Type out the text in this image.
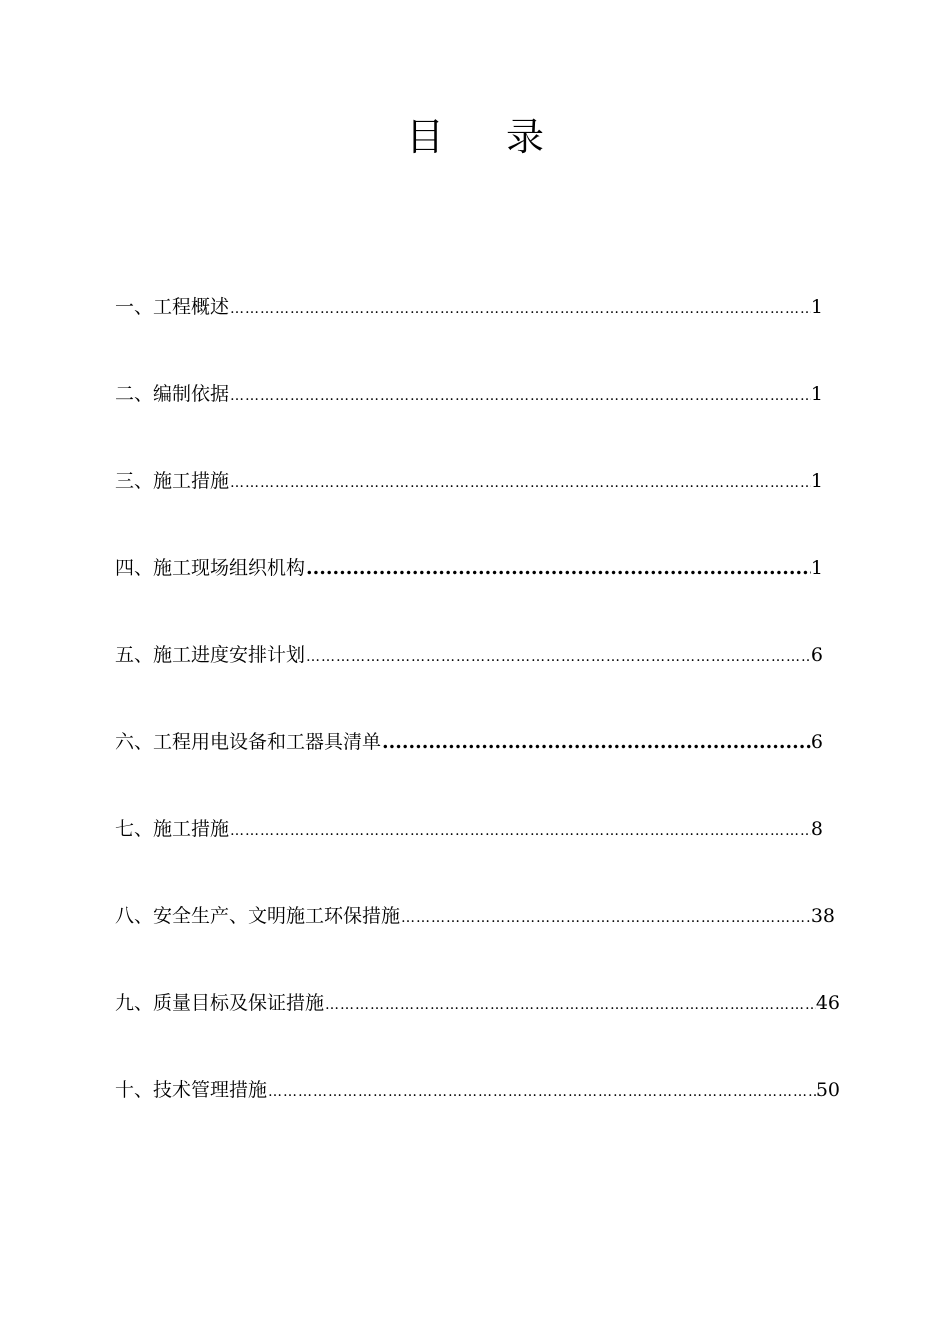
目 录
一、工程概述 ……………………………………………………………………………………………………………………………………………………	1
二、编制依据 ……………………………………………………………………………………………………………………………………………………	1
三、施工措施 ……………………………………………………………………………………………………………………………………………………	1
四、施工现场组织机构 .....	1
五、施工进度安排计划 ……………………………………………………………………………………………………………………………………………………	6
六、工程用电设备和工器具清单 .....	6
七、施工措施 ……………………………………………………………………………………………………………………………………………………	8
八、安全生产、文明施工环保措施 ……………………………………………………………………………………………………………………………………………………	38
九、质量目标及保证措施 ……………………………………………………………………………………………………………………………………………………	46
十、技术管理措施 ……………………………………………………………………………………………………………………………………………………	50
